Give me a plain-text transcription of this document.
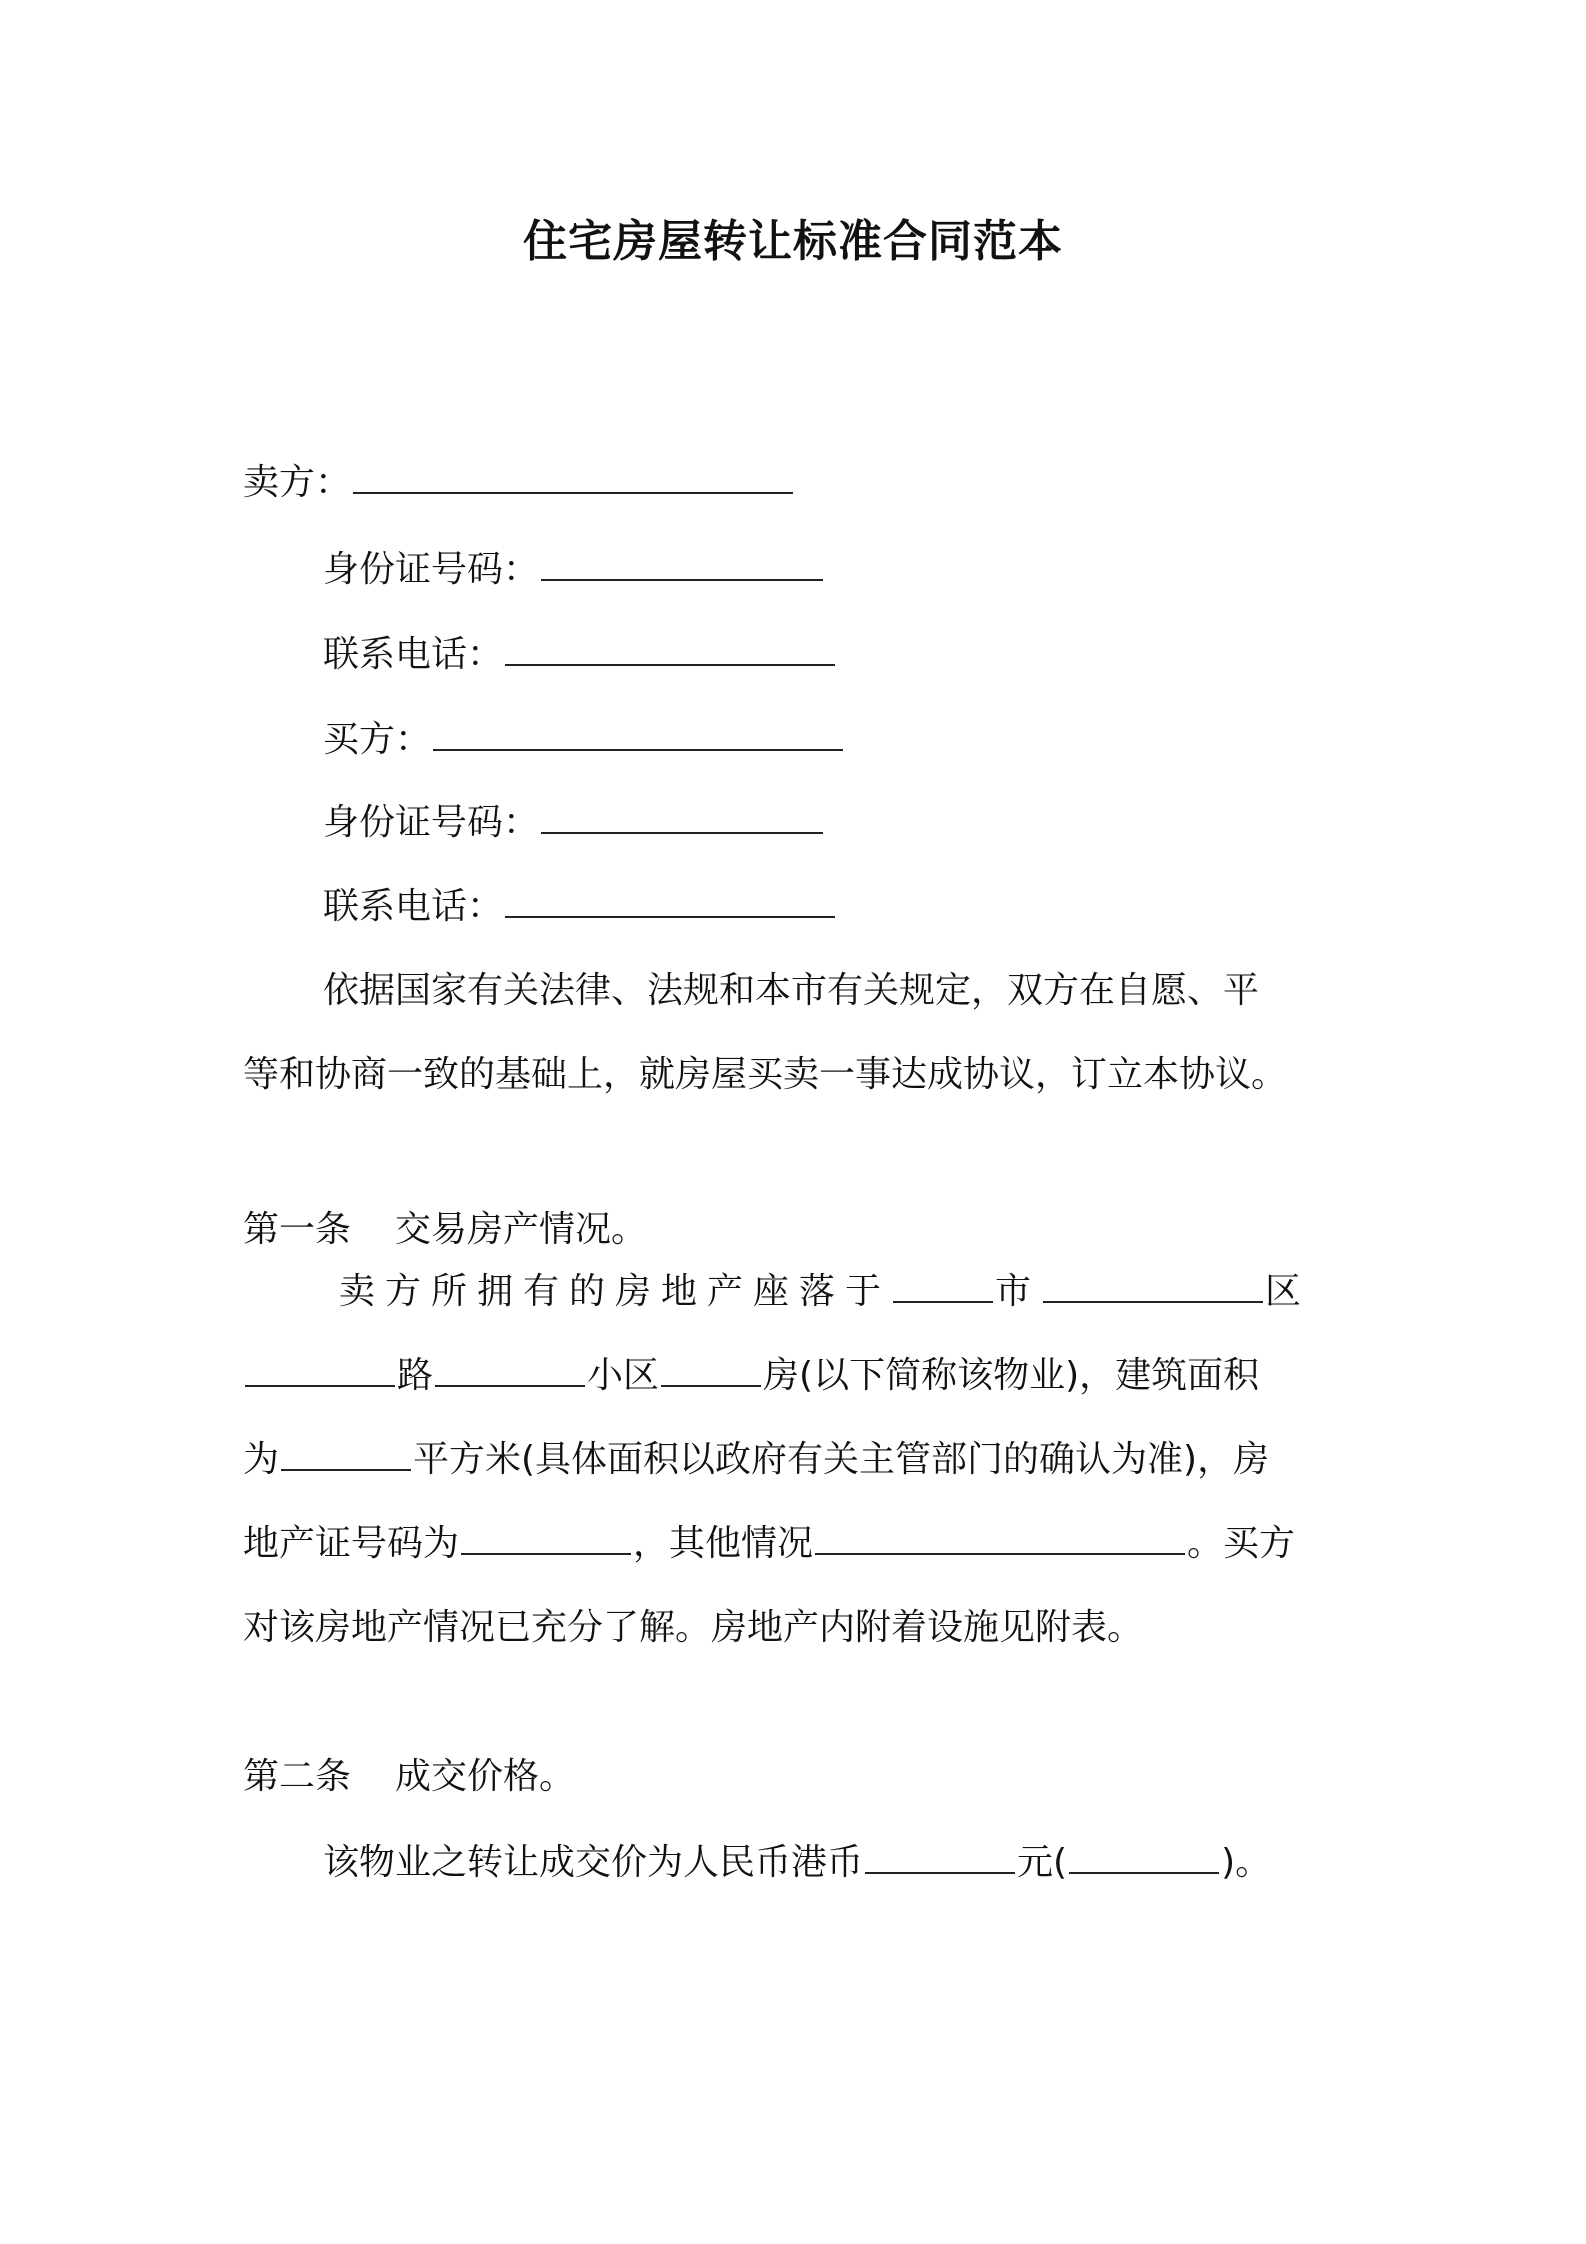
住宅房屋转让标准合同范本
卖方：
身份证号码：
联系电话：
买方：
身份证号码：
联系电话：
依据国家有关法律、法规和本市有关规定，双方在自愿、平
等和协商一致的基础上，就房屋买卖一事达成协议，订立本协议。
第一条 交易房产情况。
卖方所拥有的房地产座落于	市	区
路	小区	房(以下简称该物业)，建筑面积
为	平方米(具体面积以政府有关主管部门的确认为准)，房
地产证号码为	，其他情况	。买方
对该房地产情况已充分了解。房地产内附着设施见附表。
第二条 成交价格。
该物业之转让成交价为人民币港币	元(	)。
